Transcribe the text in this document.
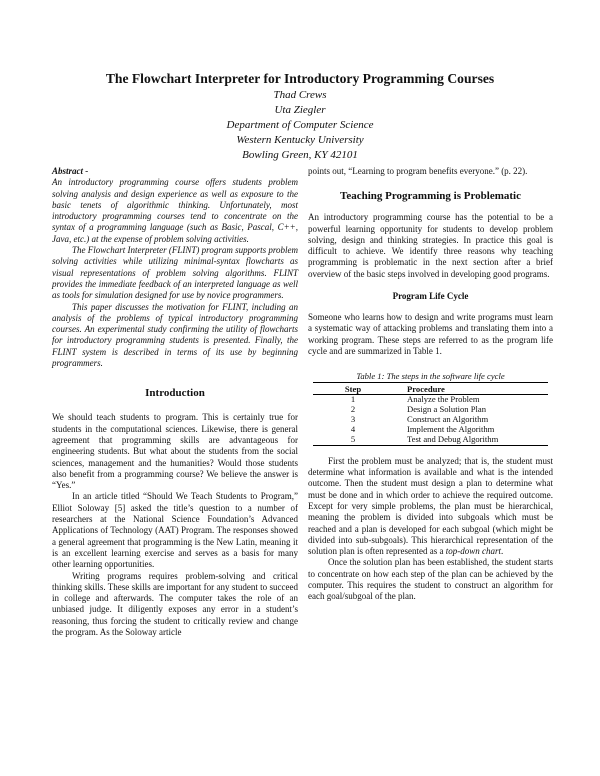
The Flowchart Interpreter for Introductory Programming Courses
Thad Crews
Uta Ziegler
Department of Computer Science
Western Kentucky University
Bowling Green, KY 42101

Abstract -

An introductory programming course offers students problem solving analysis and design experience as well as exposure to the basic tenets of algorithmic thinking. Unfortunately, most introductory programming courses tend to concentrate on the syntax of a programming language (such as Basic, Pascal, C++, Java, etc.) at the expense of problem solving activities.

The Flowchart Interpreter (FLINT) program supports problem solving activities while utilizing minimal-syntax flowcharts as visual representations of problem solving algorithms. FLINT provides the immediate feedback of an interpreted language as well as tools for simulation designed for use by novice programmers.

This paper discusses the motivation for FLINT, including an analysis of the problems of typical introductory programming courses. An experimental study confirming the utility of flowcharts for introductory programming students is presented. Finally, the FLINT system is described in terms of its use by beginning programmers.

Introduction

We should teach students to program. This is certainly true for students in the computational sciences. Likewise, there is general agreement that programming skills are advantageous for engineering students. But what about the students from the social sciences, management and the humanities? Would those students also benefit from a programming course? We believe the answer is “Yes.”

In an article titled “Should We Teach Students to Program,” Elliot Soloway [5] asked the title’s question to a number of researchers at the National Science Foundation’s Advanced Applications of Technology (AAT) Program. The responses showed a general agreement that programming is the New Latin, meaning it is an excellent learning exercise and serves as a basis for many other learning opportunities.

Writing programs requires problem-solving and critical thinking skills. These skills are important for any student to succeed in college and afterwards. The computer takes the role of an unbiased judge. It diligently exposes any error in a student’s reasoning, thus forcing the student to critically review and change the program. As the Soloway article

points out, “Learning to program benefits everyone.” (p. 22).

Teaching Programming is Problematic

An introductory programming course has the potential to be a powerful learning opportunity for students to develop problem solving, design and thinking strategies. In practice this goal is difficult to achieve. We identify three reasons why teaching programming is problematic in the next section after a brief overview of the basic steps involved in developing good programs.

Program Life Cycle

Someone who learns how to design and write programs must learn a systematic way of attacking problems and translating them into a working program. These steps are referred to as the program life cycle and are summarized in Table 1.

Table 1: The steps in the software life cycle

Step	Procedure
1	Analyze the Problem
2	Design a Solution Plan
3	Construct an Algorithm
4	Implement the Algorithm
5	Test and Debug Algorithm

First the problem must be analyzed; that is, the student must determine what information is available and what is the intended outcome. Then the student must design a plan to determine what must be done and in which order to achieve the required outcome. Except for very simple problems, the plan must be hierarchical, meaning the problem is divided into subgoals which must be reached and a plan is developed for each subgoal (which might be divided into sub-subgoals). This hierarchical representation of the solution plan is often represented as a top-down chart.

Once the solution plan has been established, the student starts to concentrate on how each step of the plan can be achieved by the computer. This requires the student to construct an algorithm for each goal/subgoal of the plan.
